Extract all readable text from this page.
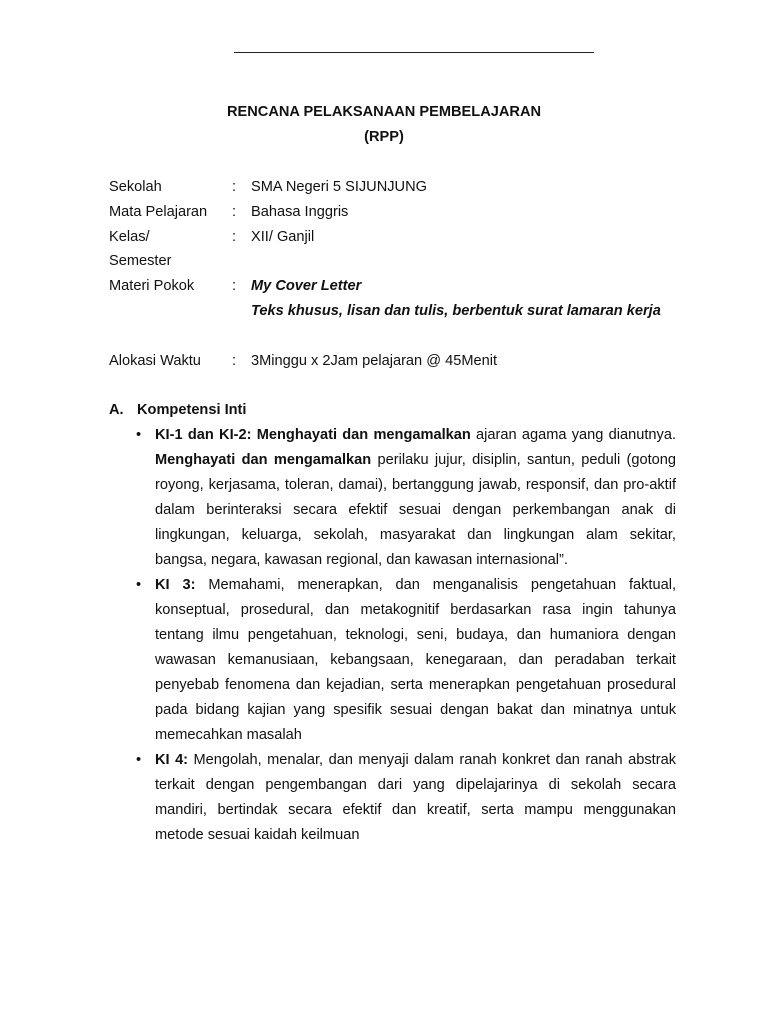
RENCANA PELAKSANAAN PEMBELAJARAN
(RPP)
Sekolah	: SMA Negeri 5 SIJUNJUNG
Mata Pelajaran : Bahasa Inggris
Kelas/	: XII/ Ganjil
Semester
Materi Pokok	: My Cover Letter
Teks khusus, lisan dan tulis, berbentuk surat lamaran kerja
Alokasi Waktu : 3Minggu x 2Jam pelajaran @ 45Menit
A. Kompetensi Inti
• KI-1 dan KI-2: Menghayati dan mengamalkan ajaran agama yang dianutnya. Menghayati dan mengamalkan perilaku jujur, disiplin, santun, peduli (gotong royong, kerjasama, toleran, damai), bertanggung jawab, responsif, dan pro-aktif dalam berinteraksi secara efektif sesuai dengan perkembangan anak di lingkungan, keluarga, sekolah, masyarakat dan lingkungan alam sekitar, bangsa, negara, kawasan regional, dan kawasan internasional”.
• KI 3: Memahami, menerapkan, dan menganalisis pengetahuan faktual, konseptual, prosedural, dan metakognitif berdasarkan rasa ingin tahunya tentang ilmu pengetahuan, teknologi, seni, budaya, dan humaniora dengan wawasan kemanusiaan, kebangsaan, kenegaraan, dan peradaban terkait penyebab fenomena dan kejadian, serta menerapkan pengetahuan prosedural pada bidang kajian yang spesifik sesuai dengan bakat dan minatnya untuk memecahkan masalah
• KI 4: Mengolah, menalar, dan menyaji dalam ranah konkret dan ranah abstrak terkait dengan pengembangan dari yang dipelajarinya di sekolah secara mandiri, bertindak secara efektif dan kreatif, serta mampu menggunakan metode sesuai kaidah keilmuan
